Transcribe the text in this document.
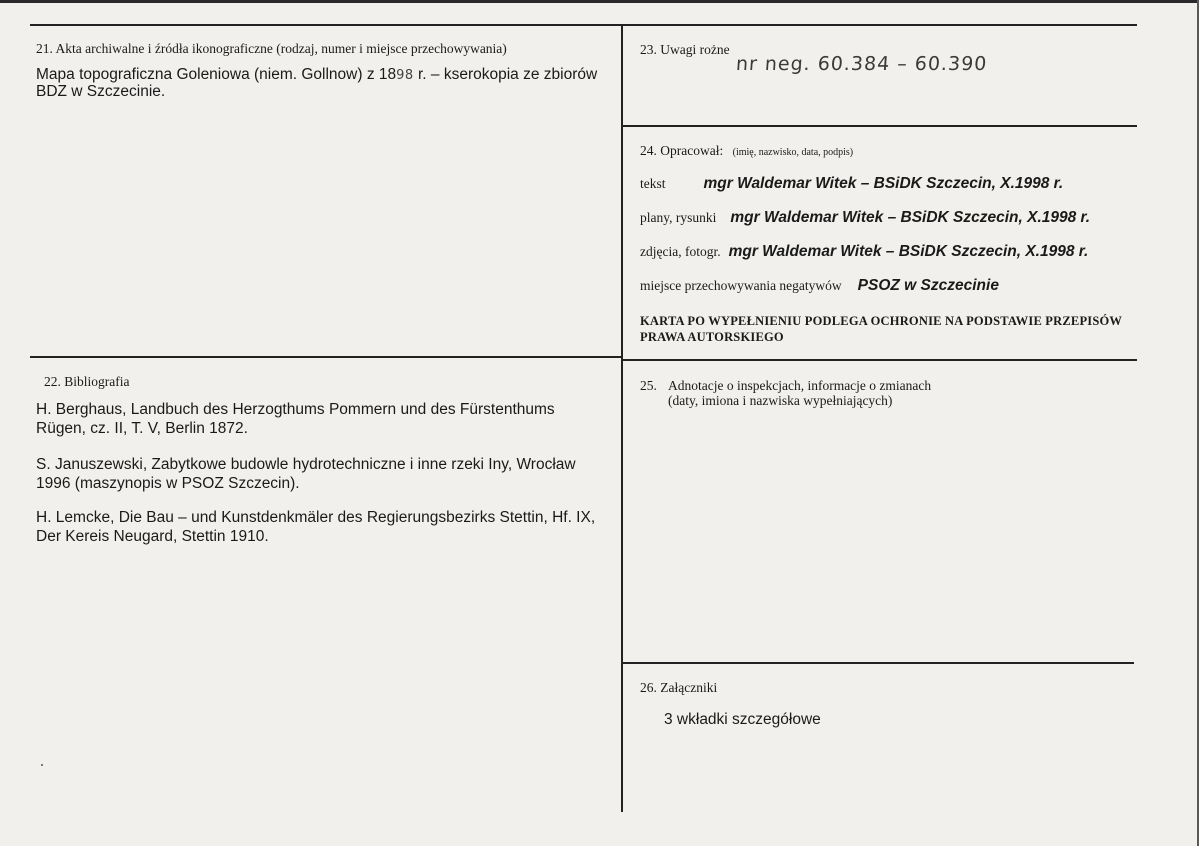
21. Akta archiwalne i źródła ikonograficzne (rodzaj, numer i miejsce przechowywania)
Mapa topograficzna Goleniowa (niem. Gollnow) z 1898 r. – kserokopia ze zbiorów
BDZ w Szczecinie.
23. Uwagi rożne
nr neg. 60.384 – 60.390
24. Opracował: (imię, nazwisko, data, podpis)
tekst mgr Waldemar Witek – BSiDK Szczecin, X.1998 r.
plany, rysunki mgr Waldemar Witek – BSiDK Szczecin, X.1998 r.
zdjęcia, fotogr. mgr Waldemar Witek – BSiDK Szczecin, X.1998 r.
miejsce przechowywania negatywów PSOZ w Szczecinie
KARTA PO WYPEŁNIENIU PODLEGA OCHRONIE NA PODSTAWIE PRZEPISÓW
PRAWA AUTORSKIEGO
22. Bibliografia
H. Berghaus, Landbuch des Herzogthums Pommern und des Fürstenthums
Rügen, cz. II, T. V, Berlin 1872.
S. Januszewski, Zabytkowe budowle hydrotechniczne i inne rzeki Iny, Wrocław
1996 (maszynopis w PSOZ Szczecin).
H. Lemcke, Die Bau – und Kunstdenkmäler des Regierungsbezirks Stettin, Hf. IX,
Der Kereis Neugard, Stettin 1910.
25. Adnotacje o inspekcjach, informacje o zmianach
(daty, imiona i nazwiska wypełniających)
26. Załączniki
3 wkładki szczegółowe
